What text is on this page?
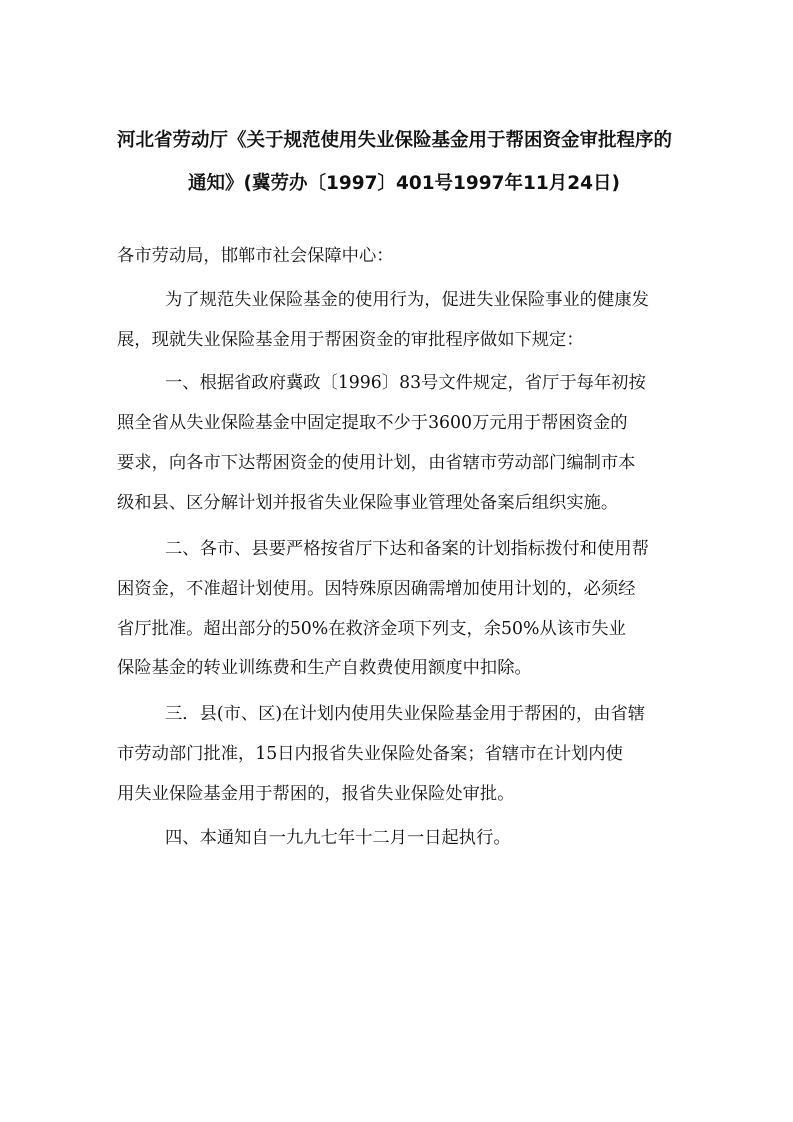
河北省劳动厅《关于规范使用失业保险基金用于帮困资金审批程序的
通知》(冀劳办〔1997〕401号1997年11月24日)

各市劳动局，邯郸市社会保障中心：

为了规范失业保险基金的使用行为，促进失业保险事业的健康发

展，现就失业保险基金用于帮困资金的审批程序做如下规定：

一、根据省政府冀政〔1996〕83号文件规定，省厅于每年初按

照全省从失业保险基金中固定提取不少于3600万元用于帮困资金的

要求，向各市下达帮困资金的使用计划，由省辖市劳动部门编制市本

级和县、区分解计划并报省失业保险事业管理处备案后组织实施。

二、各市、县要严格按省厅下达和备案的计划指标拨付和使用帮

困资金，不准超计划使用。因特殊原因确需增加使用计划的，必须经

省厅批准。超出部分的50%在救济金项下列支，余50%从该市失业

保险基金的转业训练费和生产自救费使用额度中扣除。

三．县(市、区)在计划内使用失业保险基金用于帮困的，由省辖

市劳动部门批准，15日内报省失业保险处备案；省辖市在计划内使

用失业保险基金用于帮困的，报省失业保险处审批。

四、本通知自一九九七年十二月一日起执行。
